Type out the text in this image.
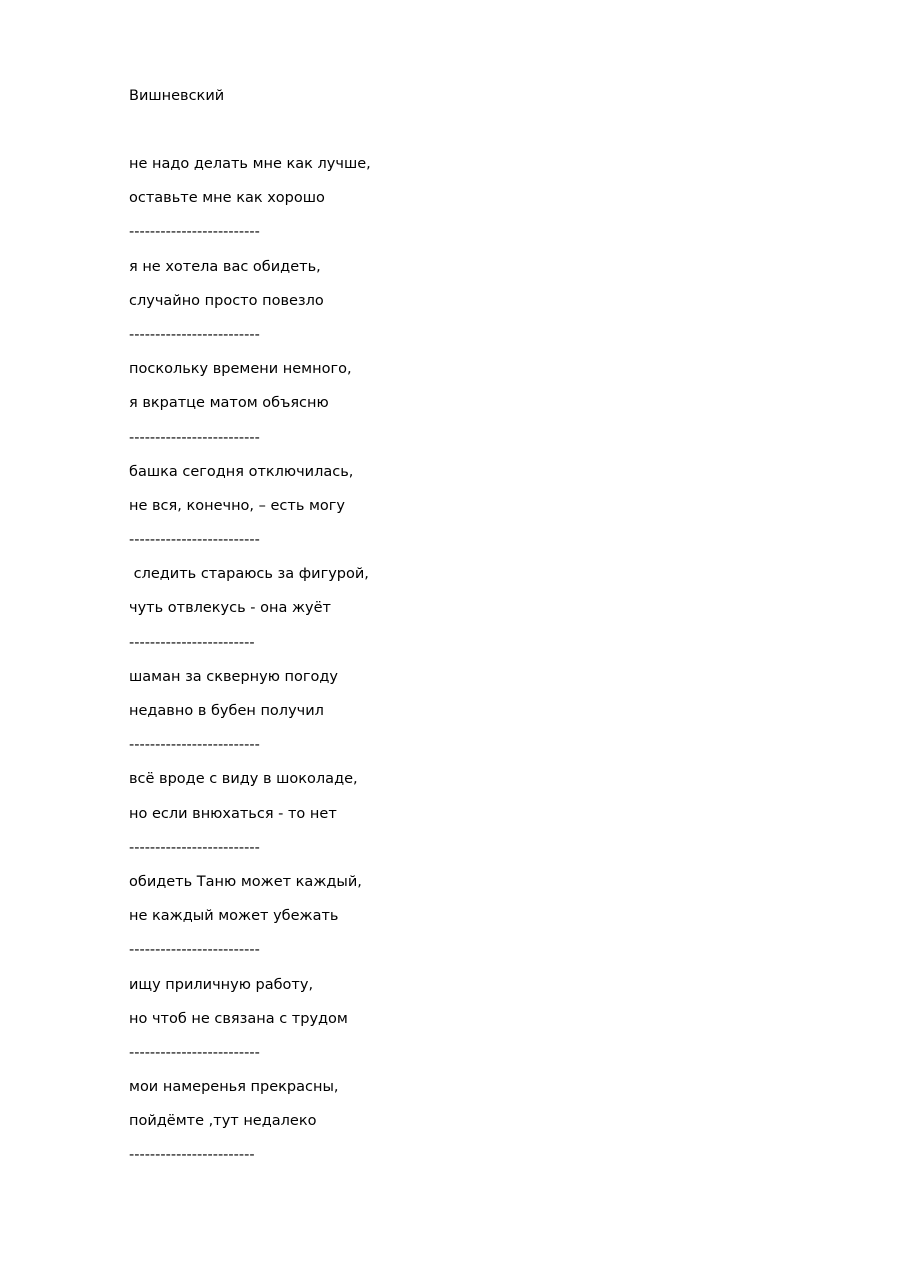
Вишневский
не надо делать мне как лучше,
оставьте мне как хорошо
-------------------------
я не хотела вас обидеть,
случайно просто повезло
-------------------------
поскольку времени немного,
я вкратце матом объясню
-------------------------
башка сегодня отключилась,
не вся, конечно, – есть могу
-------------------------
следить стараюсь за фигурой,
чуть отвлекусь - она жуёт
------------------------
шаман за скверную погоду
недавно в бубен получил
-------------------------
всё вроде с виду в шоколаде,
но если внюхаться - то нет
-------------------------
обидеть Таню может каждый,
не каждый может убежать
-------------------------
ищу приличную работу,
но чтоб не связана с трудом
-------------------------
мои намеренья прекрасны,
пойдёмте ,тут недалеко
------------------------
